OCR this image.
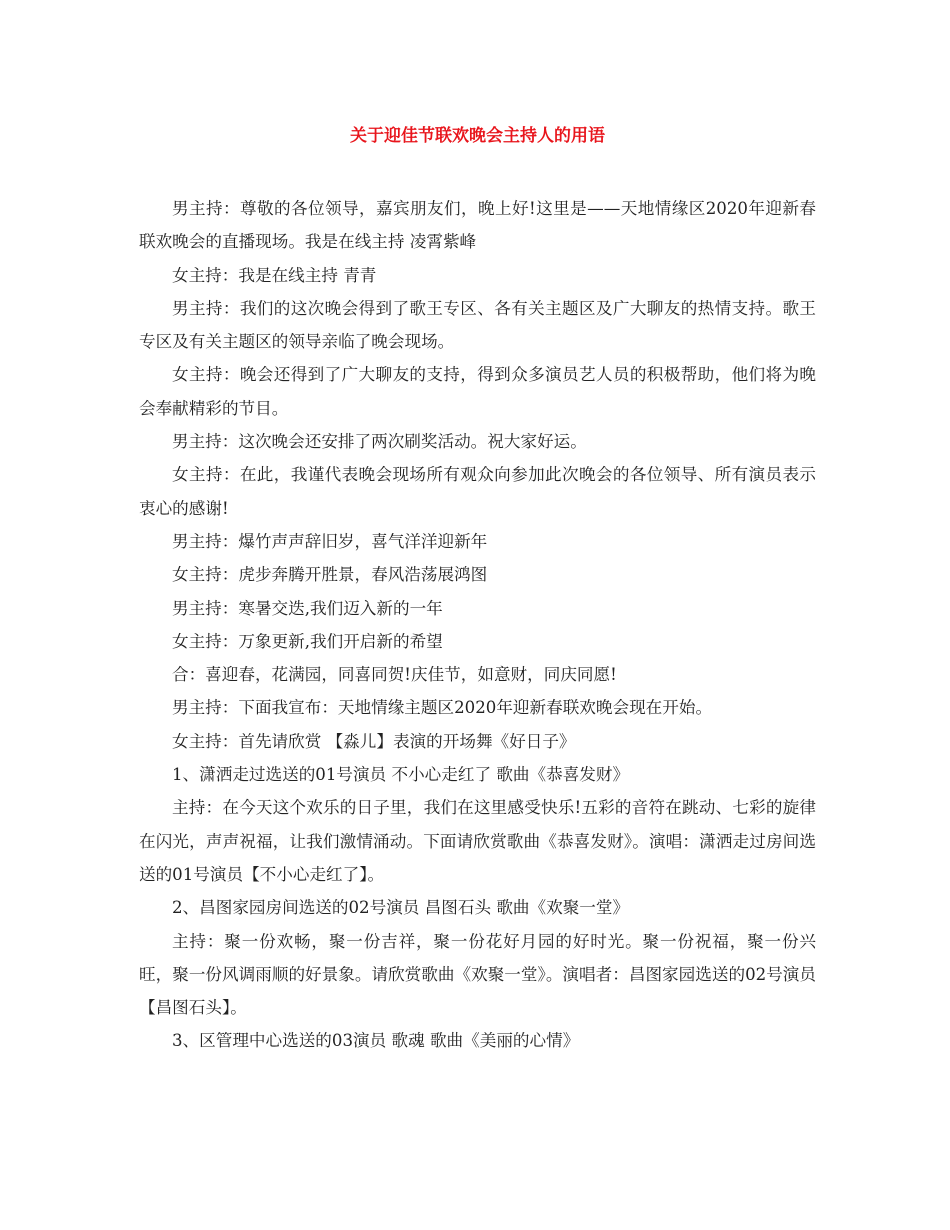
关于迎佳节联欢晚会主持人的用语

男主持：尊敬的各位领导，嘉宾朋友们，晚上好!这里是——天地情缘区2020年迎新春联欢晚会的直播现场。我是在线主持 凌霄紫峰

女主持：我是在线主持 青青

男主持：我们的这次晚会得到了歌王专区、各有关主题区及广大聊友的热情支持。歌王专区及有关主题区的领导亲临了晚会现场。

女主持：晚会还得到了广大聊友的支持，得到众多演员艺人员的积极帮助，他们将为晚会奉献精彩的节目。

男主持：这次晚会还安排了两次刷奖活动。祝大家好运。

女主持：在此，我谨代表晚会现场所有观众向参加此次晚会的各位领导、所有演员表示衷心的感谢!

男主持：爆竹声声辞旧岁，喜气洋洋迎新年

女主持：虎步奔腾开胜景，春风浩荡展鸿图

男主持：寒暑交迭,我们迈入新的一年

女主持：万象更新,我们开启新的希望

合：喜迎春，花满园，同喜同贺!庆佳节，如意财，同庆同愿!

男主持：下面我宣布：天地情缘主题区2020年迎新春联欢晚会现在开始。

女主持：首先请欣赏 【淼儿】表演的开场舞《好日子》

1、潇洒走过选送的01号演员 不小心走红了 歌曲《恭喜发财》

主持：在今天这个欢乐的日子里，我们在这里感受快乐!五彩的音符在跳动、七彩的旋律在闪光，声声祝福，让我们激情涌动。下面请欣赏歌曲《恭喜发财》。演唱：潇洒走过房间选送的01号演员【不小心走红了】。

2、昌图家园房间选送的02号演员 昌图石头 歌曲《欢聚一堂》

主持：聚一份欢畅，聚一份吉祥，聚一份花好月园的好时光。聚一份祝福，聚一份兴旺，聚一份风调雨顺的好景象。请欣赏歌曲《欢聚一堂》。演唱者：昌图家园选送的02号演员【昌图石头】。

3、区管理中心选送的03演员 歌魂 歌曲《美丽的心情》
